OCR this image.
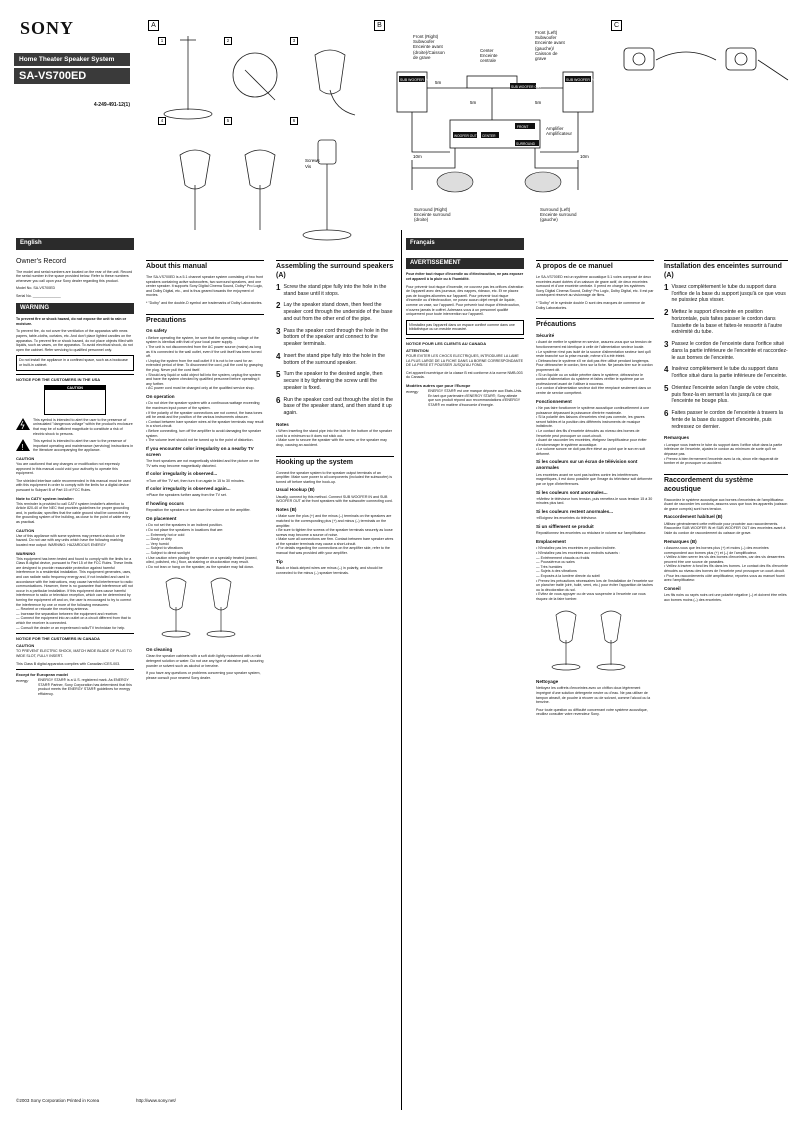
SONY
Home Theater Speaker System
SA-VS700ED
4-249-491-12(1)
A
Screws
Vis
1	2	3
4	5	6
B
Front (Right)
Subwoofer
Enceinte avant
(droite)/Caisson
de grave
Center
Enceinte
centrale
Front (Left)
Subwoofer
Enceinte avant
(gauche)/
Caisson de
grave
SUB WOOFER IN	SUB WOOFER IN
SUB WOOFER OUT
WOOFER OUT CENTER
FRONT
SURROUND
5m
5m	5m
10m	10m
Amplifier
Amplificateur
Surround (Right)
Enceinte surround
(droite)
Surround (Left)
Enceinte surround
(gauche)
C
English
Owner's Record

The model and serial numbers are located on the rear of the unit. Record the serial number in the space provided below. Refer to these numbers whenever you call upon your Sony dealer regarding this product.

Model No. SA-VS700ED

Serial No. ______________

WARNING

To prevent fire or shock hazard, do not expose the unit to rain or moisture.

To prevent fire, do not cover the ventilation of the apparatus with news papers, table-cloths, curtains, etc. And don't place lighted candles on the apparatus. To prevent fire or shock hazard, do not place objects filled with liquids, such as vases, on the apparatus. To avoid electrical shock, do not open the cabinet. Refer servicing to qualified personnel only.

Do not install the appliance in a confined space, such as a bookcase or built-in cabinet.
NOTICE FOR THE CUSTOMERS IN THE USA
CAUTION

This symbol is intended to alert the user to the presence of uninsulated "dangerous voltage" within the product's enclosure that may be of sufficient magnitude to constitute a risk of electric shock to persons.

!

This symbol is intended to alert the user to the presence of important operating and maintenance (servicing) instructions in the literature accompanying the appliance.

CAUTION

You are cautioned that any changes or modification not expressly approved in this manual could void your authority to operate this equipment.

The shielded interface cable recommended in this manual must be used with this equipment in order to comply with the limits for a digital device pursuant to Subpart B of Part 15 of FCC Rules.

Note to CATV system installer:

This reminder is provided to call CATV system installer's attention to Article 820-40 of the NEC that provides guidelines for proper grounding and, in particular, specifies that the cable ground shall be connected to the grounding system of the building, as close to the point of cable entry as practical.

CAUTION

Use of this appliance with some systems may present a shock or fire hazard. Do not use with any units which have the following marking located rear output: WARNING: HAZARDOUS ENERGY

WARNING

This equipment has been tested and found to comply with the limits for a Class B digital device, pursuant to Part 15 of the FCC Rules. These limits are designed to provide reasonable protection against harmful interference in a residential installation. This equipment generates, uses, and can radiate radio frequency energy and, if not installed and used in accordance with the instructions, may cause harmful interference to radio communications. However, there is no guarantee that interference will not occur in a particular installation. If this equipment does cause harmful interference to radio or television reception, which can be determined by turning the equipment off and on, the user is encouraged to try to correct the interference by one or more of the following measures:
— Reorient or relocate the receiving antenna.
— Increase the separation between the equipment and receiver.
— Connect the equipment into an outlet on a circuit different from that to which the receiver is connected.
— Consult the dealer or an experienced radio/TV technician for help.

NOTICE FOR THE CUSTOMERS IN CANADA
CAUTION

TO PREVENT ELECTRIC SHOCK, MATCH WIDE BLADE OF PLUG TO WIDE SLOT, FULLY INSERT.

This Class B digital apparatus complies with Canadian ICES-003.

Except for European model
energy	ENERGY STAR® is a U.S. registered mark. As ENERGY STAR® Partner, Sony Corporation has determined that this product meets the ENERGY STAR® guidelines for energy efficiency.

About this manual

The SA-VS700ED is a 5.1 channel speaker system consisting of two front speakers containing active subwoofers, two surround speakers, and one center speaker. It supports Sony Digital Cinema Sound, Dolby* Pro Logic, and Dolby Digital, etc., and is thus geared towards the enjoyment of movies.

* "Dolby" and the double-D symbol are trademarks of Dolby Laboratories.

Precautions
On safety

• Before operating the system, be sure that the operating voltage of the system is identical with that of your local power supply.
• The unit is not disconnected from the AC power source (mains) as long as it is connected to the wall outlet, even if the unit itself has been turned off.
• Unplug the system from the wall outlet if it is not to be used for an extended period of time. To disconnect the cord, pull the cord by grasping the plug. Never pull the cord itself.
• Should any liquid or solid object fall into the system, unplug the system and have the system checked by qualified personnel before operating it any further.
• AC power cord must be changed only at the qualified service shop.

On operation

• Do not drive the speaker system with a continuous wattage exceeding the maximum input power of the system.
• If the polarity of the speaker connections are not correct, the bass tones will be weak and the position of the various instruments obscure.
• Contact between bare speaker wires at the speaker terminals may result in a short-circuit.
• Before connecting, turn off the amplifier to avoid damaging the speaker system.
• The volume level should not be turned up to the point of distortion.

If you encounter color irregularity on a nearby TV screen

The front speakers are not magnetically shielded and the picture on the TV sets may become magnetically distorted.

If color irregularity is observed...

➔Turn off the TV set, then turn it on again in 15 to 30 minutes.

If color irregularity is observed again...

➔Place the speakers further away from the TV set.

If howling occurs

Reposition the speakers or turn down the volume on the amplifier.

On placement

• Do not set the speakers in an inclined position.
• Do not place the speakers in locations that are:
— Extremely hot or cold
— Dusty or dirty
— Very humid
— Subject to vibrations
— Subject to direct sunlight
• Use caution when placing the speaker on a specially treated (waxed, oiled, polished, etc.) floor, as staining or discoloration may result.
• Do not lean or hang on the speaker, as the speaker may fall down.

On cleaning

Clean the speaker cabinets with a soft cloth lightly moistened with a mild detergent solution or water. Do not use any type of abrasive pad, scouring powder or solvent such as alcohol or benzine.

If you have any questions or problems concerning your speaker system, please consult your nearest Sony dealer.

Assembling the surround speakers (A)
1 Screw the stand pipe fully into the hole in the stand base until it stops.
2 Lay the speaker stand down, then feed the speaker cord through the underside of the base and out from the other end of the pipe.
3 Pass the speaker cord through the hole in the bottom of the speaker and connect to the speaker terminals.
4 Insert the stand pipe fully into the hole in the bottom of the surround speaker.
5 Turn the speaker to the desired angle, then secure it by tightening the screw until the speaker is fixed.
6 Run the speaker cord out through the slot in the base of the speaker stand, and then stand it up again.
Notes

• When inserting the stand pipe into the hole in the bottom of the speaker cord to a minimum so it does not stick out.
• Make sure to secure the speaker with the screw, or the speaker may drop, causing an accident.

Hooking up the system

Connect the speaker system to the speaker output terminals of an amplifier. Make sure power to all components (included the subwoofer) is turned off before starting the hook-up.

Usual Hookup (B)

Usually, connect by this method. Connect SUB WOOFER IN and SUB WOOFER OUT at the front speakers with the subwoofer connecting cord.

Notes (B)

• Make sure the plus (+) and the minus (–) terminals on the speakers are matched to the corresponding plus (+) and minus (–) terminals on the amplifier.
• Be sure to tighten the screws of the speaker terminals securely as loose screws may become a source of noise.
• Make sure all connections are firm. Contact between bare speaker wires at the speaker terminals may cause a short-circuit.
• For details regarding the connections on the amplifier side, refer to the manual that was provided with your amplifier.

Tip

Black or black-striped wires are minus (–) in polarity, and should be connected to the minus (–) speaker terminals.

Français
AVERTISSEMENT

Pour éviter tout risque d'incendie ou d'électrocution, ne pas exposer cet appareil à la pluie ou à l'humidité.

Pour prévenir tout risque d'incendie, ne couvrez pas les orifices d'aération de l'appareil avec des journaux, des nappes, rideaux, etc. Et ne placez pas de bougies allumées sur l'appareil. Pour prévenir tout risque d'incendie ou d'électrocution, ne posez aucun objet rempli de liquide, comme un vase, sur l'appareil. Pour prévenir tout risque d'électrocution, n'ouvrez jamais le coffret. Adressez-vous à un personnel qualifié uniquement pour toute intervention sur l'appareil.

N'installez pas l'appareil dans un espace confiné comme dans une bibliothèque ou un meuble encastré.
NOTICE POUR LES CLIENTS AU CANADA
ATTENTION

POUR EVITER LES CHOCS ELECTRIQUES, INTRODUIRE LA LAME LA PLUS LARGE DE LA FICHE DANS LA BORNE CORRESPONDANTE DE LA PRISE ET POUSSER JUSQU'AU FOND.

Cet appareil numérique de la classe B est conforme à la norme NMB-003 du Canada.

Modèles autres que pour l'Europe
energy	ENERGY STAR® est une marque déposée aux Etats-Unis. En tant que partenaire d'ENERGY STAR®, Sony atteste que son produit répond aux recommandations d'ENERGY STAR® en matière d'économie d'énergie.

A propos de ce manuel

Le SA-VS700ED est un système acoustique 5.1 voies composé de deux enceintes avant dotées d'un caisson de grave actif, de deux enceintes surround et d'une enceinte centrale. Il prend en charge les systèmes Sony Digital Cinema Sound, Dolby* Pro Logic, Dolby Digital, etc. Il est par conséquent réservé au visionnage de films.

* "Dolby" et le symbole double D sont des marques de commerce de Dolby Laboratories.

Précautions
Sécurité

• Avant de mettre le système en service, assurez-vous que sa tension de fonctionnement est identique à celle de l'alimentation secteur locale.
• Le système n'est pas isolé de la source d'alimentation secteur tant qu'il reste branché sur la prise murale, même s'il a été éteint.
• Débranchez le système s'il ne doit pas être utilisé pendant longtemps. Pour débrancher le cordon, tirez sur la fiche. Ne jamais tirer sur le cordon proprement dit.
• Si un liquide ou un solide pénètre dans le système, débranchez le cordon d'alimentation du système et faites vérifier le système par un professionnel avant de l'utiliser à nouveau.
• Le cordon d'alimentation secteur doit être remplacé seulement dans un centre de service compétent.

Fonctionnement

• Ne pas faire fonctionner le système acoustique continuellement à une puissance dépassant la puissance d'entrée maximale.
• Si la polarité des liaisons d'enceintes n'est pas correcte, les graves seront faibles et la position des différents instruments de musique indistincte.
• Le contact des fils d'enceinte dénudés au niveau des bornes de l'enceinte peut provoquer un court-circuit.
• Avant de raccorder les enceintes, éteignez l'amplificateur pour éviter d'endommager le système acoustique.
• Le volume sonore ne doit pas être élevé au point que le son en soit déformé.

Si les couleurs sur un écran de télévision sont anormales

Les enceintes avant ne sont pas isolées contre les interférences magnétiques, il est donc possible que l'image du téléviseur soit déformée par ce type d'interférences.

Si les couleurs sont anormales...

➔Mettez le téléviseur hors tension, puis remettez-le sous tension 15 à 30 minutes plus tard.

Si les couleurs restent anormales...

➔Eloignez les enceintes du téléviseur.

Si un sifflement se produit

Repositionnez les enceintes ou réduisez le volume sur l'amplificateur.

Emplacement

• N'installez pas les enceintes en position inclinée.
• N'installez pas les enceintes aux endroits suivants :
— Extrêmement chauds ou froids
— Poussiéreux ou sales
— Très humides
— Sujets à des vibrations
— Exposés à la lumière directe du soleil
• Prenez les précautions nécessaires lors de l'installation de l'enceinte sur un plancher traité (ciré, huilé, verni, etc.) pour éviter l'apparition de taches ou la décoloration du sol.
• Evitez de vous appuyer ou de vous suspendre à l'enceinte car vous risquez de la faire tomber.

Nettoyage

Nettoyez les coffrets d'enceintes avec un chiffon doux légèrement imprégné d'une solution détergente neutre ou d'eau. Ne pas utiliser de tampon abrasif, de poudre à récurer ou de solvant, comme l'alcool ou la benzine.

Pour toute question ou difficulté concernant votre système acoustique, veuillez consulter votre revendeur Sony.

Installation des enceintes surround (A)
1 Vissez complètement le tube du support dans l'orifice de la base du support jusqu'à ce que vous ne puissiez plus visser.
2 Mettez le support d'enceinte en position horizontale, puis faites passer le cordon dans l'assiette de la base et faites-le ressortir à l'autre extrémité du tube.
3 Passez le cordon de l'enceinte dans l'orifice situé dans la partie inférieure de l'enceinte et raccordez-le aux bornes de l'enceinte.
4 Insérez complètement le tube du support dans l'orifice situé dans la partie inférieure de l'enceinte.
5 Orientez l'enceinte selon l'angle de votre choix, puis fixez-la en serrant la vis jusqu'à ce que l'enceinte ne bouge plus.
6 Faites passer le cordon de l'enceinte à travers la fente de la base du support d'enceinte, puis redressez ce dernier.
Remarques

• Lorsque vous insérez le tube du support dans l'orifice situé dans la partie inférieure de l'enceinte, ajustez le cordon au minimum de sorte qu'il ne dépasse pas.
• Prenez à bien fermement l'enceinte avec la vis, sinon elle risquerait de tomber et de provoquer un accident.

Raccordement du système acoustique

Raccordez le système acoustique aux bornes d'enceintes de l'amplificateur. Avant de raccorder les cordons, assurez-vous que tous les appareils (caisson de grave compris) sont hors tension.

Raccordement habituel (B)

Utilisez généralement cette méthode pour procéder aux raccordements. Raccordez SUB WOOFER IN et SUB WOOFER OUT des enceintes avant à l'aide du cordon de raccordement du caisson de grave.

Remarques (B)

• Assurez-vous que les bornes plus (+) et moins (–) des enceintes correspondent aux bornes plus (+) et (–) de l'amplificateur.
• Veillez à bien serrer les vis des bornes d'enceintes, car des vis desserrées peuvent être une source de parasites.
• Veillez à insérer à fond les fils dans les bornes. Le contact des fils d'enceinte dénudés au niveau des bornes de l'enceinte peut provoquer un court-circuit.
• Pour les raccordements côté amplificateur, reportez-vous au manuel fourni avec l'amplificateur.

Conseil

Les fils noirs ou rayés noirs ont une polarité négative (–) et doivent être reliés aux bornes moins (–) des enceintes.

©2003 Sony Corporation Printed in Korea	http://www.sony.net/
